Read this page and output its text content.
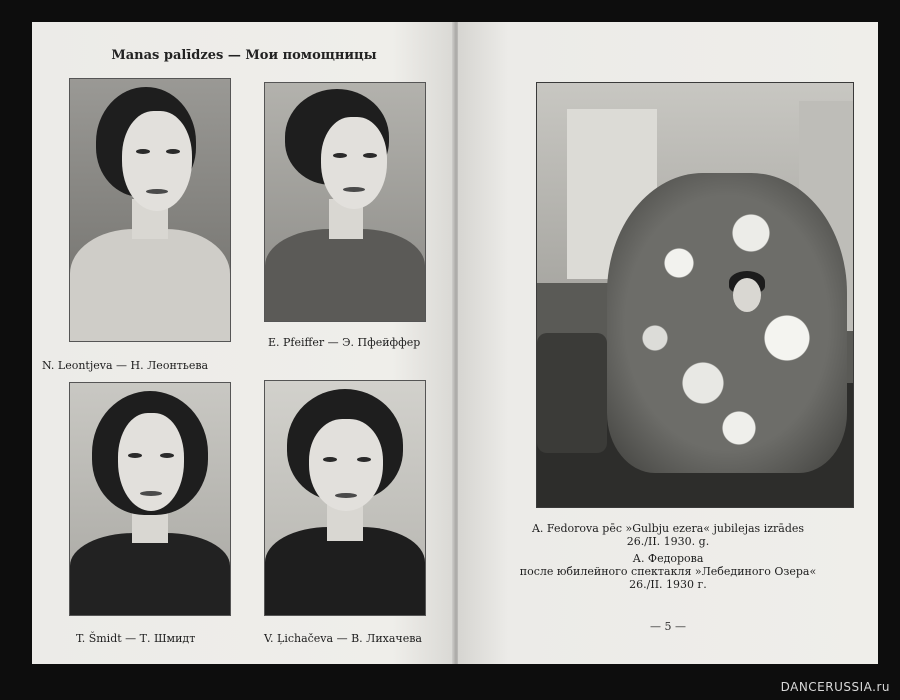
Manas palīdzes — Мои помощницы
N. Leontjeva — Н. Леонтьева
E. Pfeiffer — Э. Пфейффер
T. Šmidt — Т. Шмидт	V. Ļichačeva — В. Лихачева
A. Fedorova pēc »Gulbju ezera« jubilejas izrādes
26./II. 1930. g.
А. Федорова
после юбилейного спектакля »Лебединого Озера«
26./II. 1930 г.
— 5 —
DANCERUSSIA.ru
